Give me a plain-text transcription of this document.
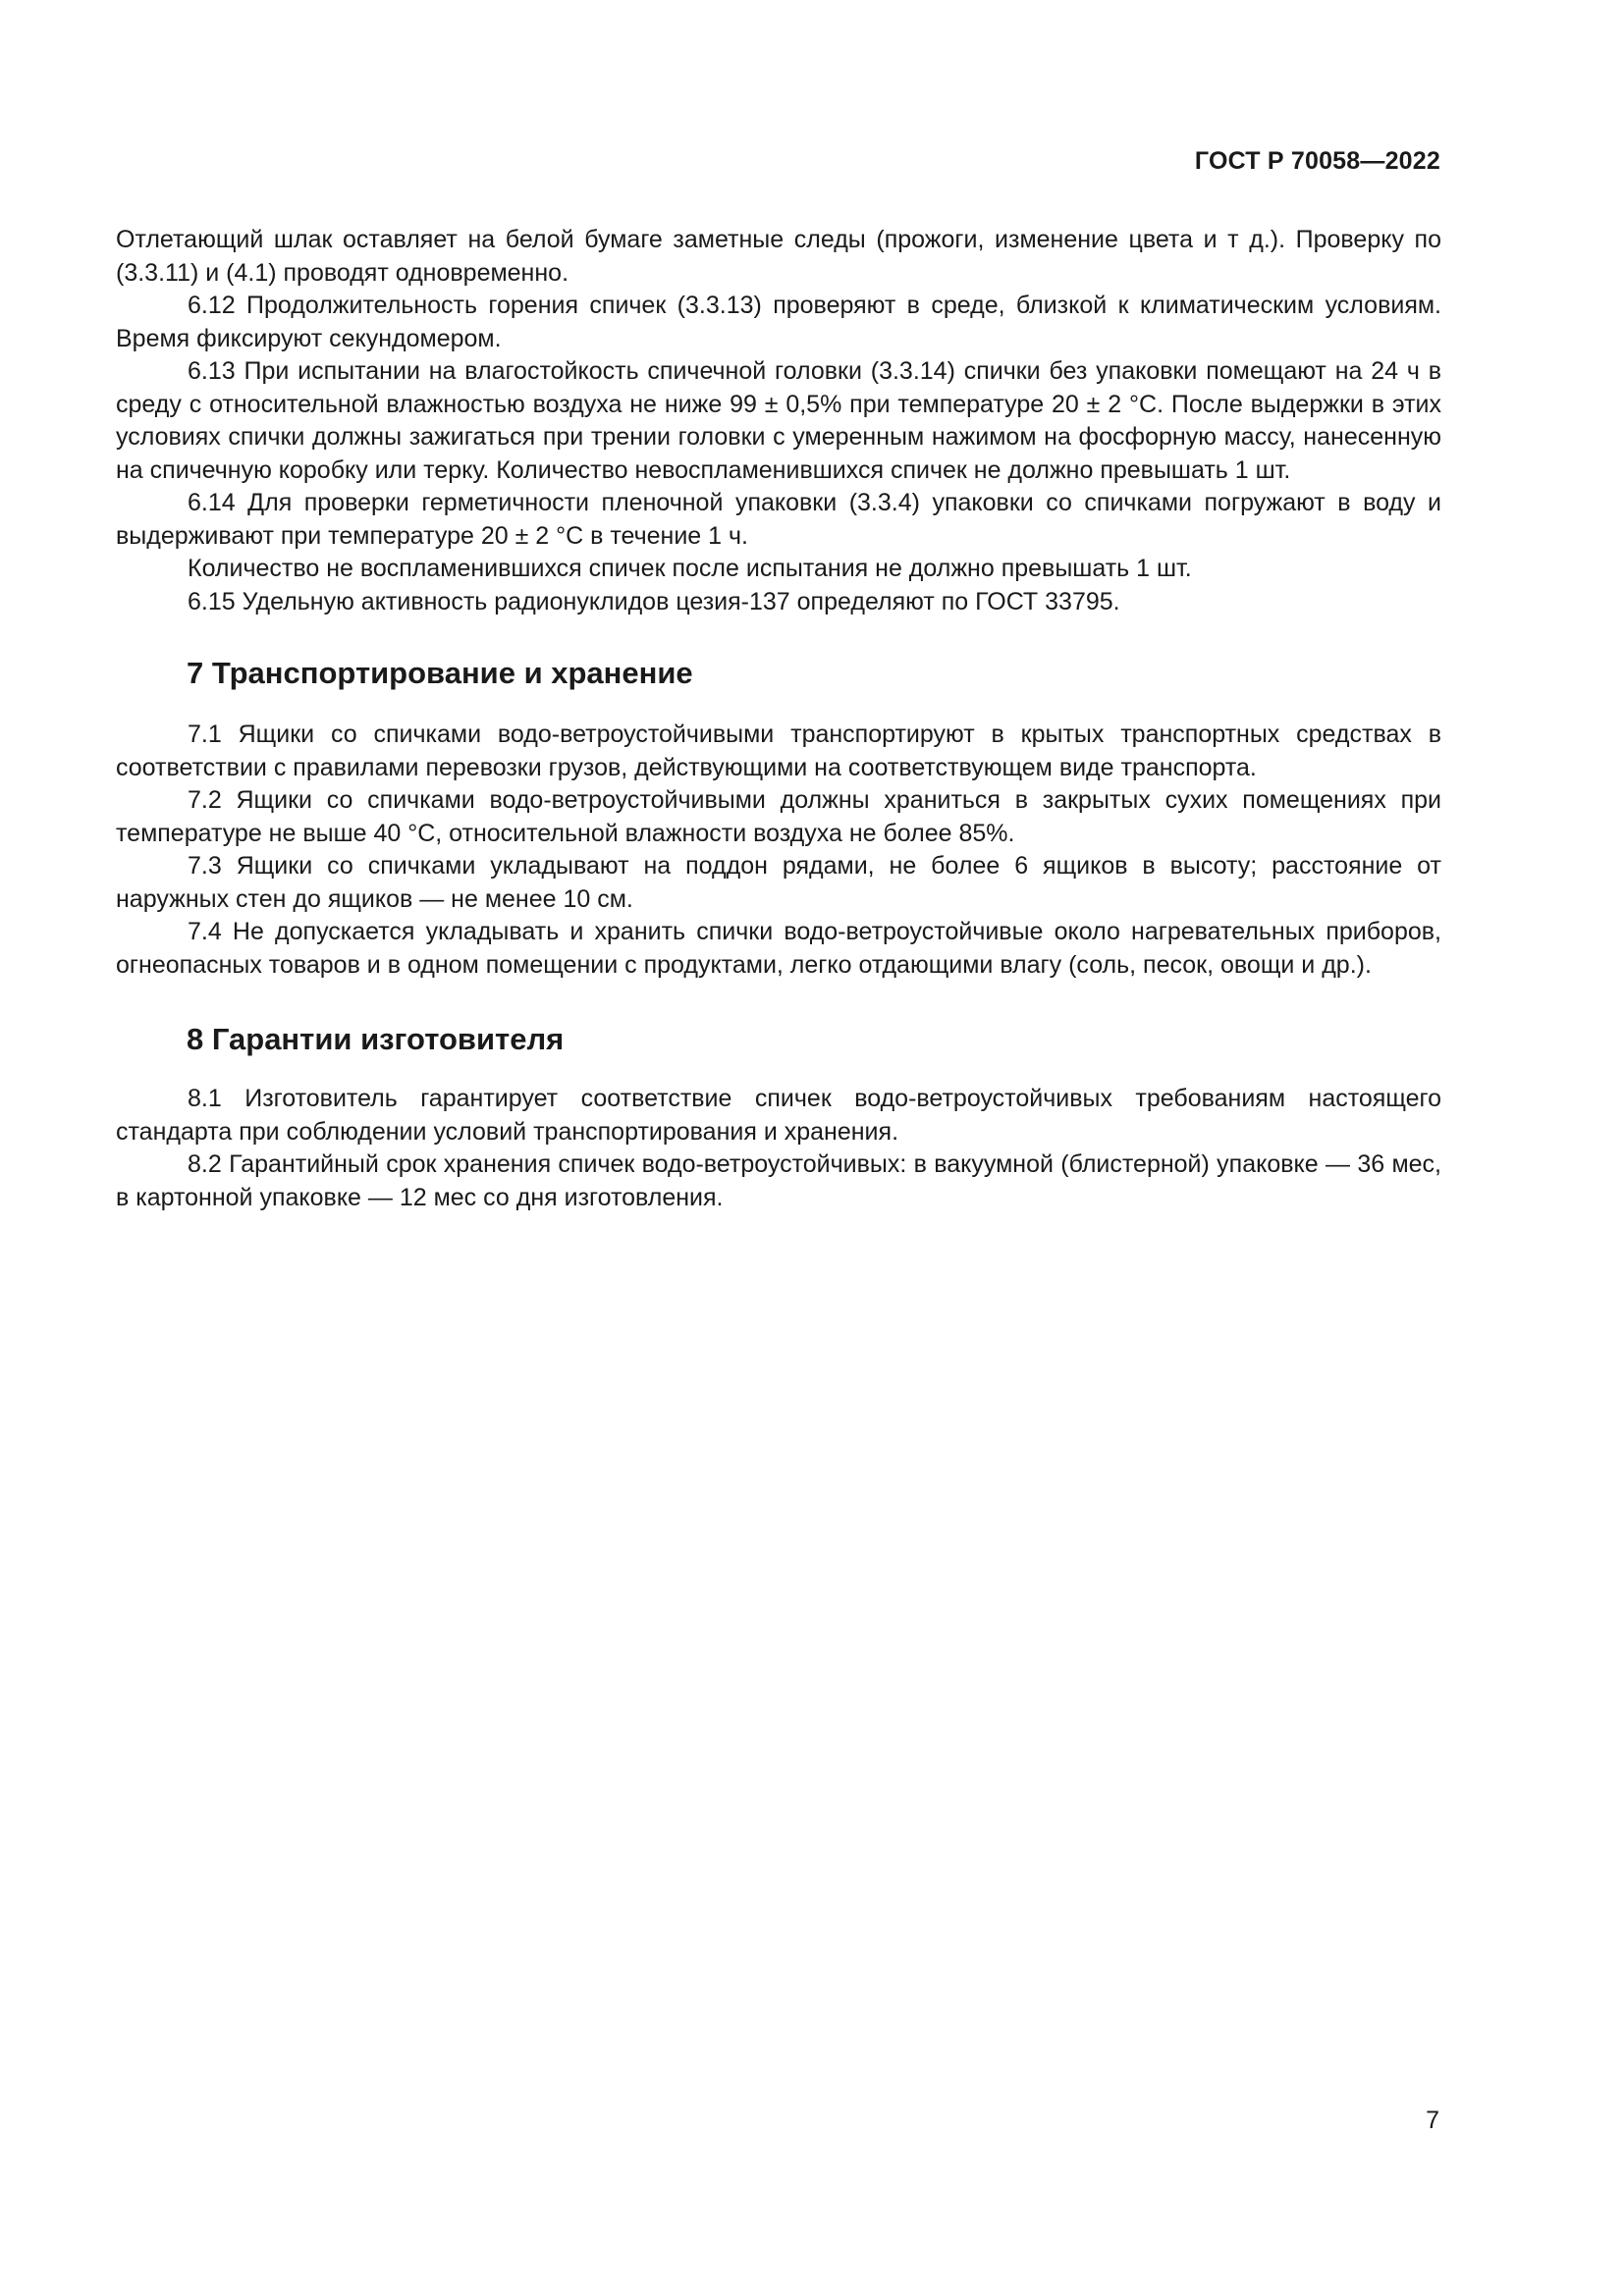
ГОСТ Р 70058—2022

Отлетающий шлак оставляет на белой бумаге заметные следы (прожоги, изменение цвета и т д.). Проверку по (3.3.11) и (4.1) проводят одновременно.

6.12 Продолжительность горения спичек (3.3.13) проверяют в среде, близкой к климатическим условиям. Время фиксируют секундомером.

6.13 При испытании на влагостойкость спичечной головки (3.3.14) спички без упаковки помещают на 24 ч в среду с относительной влажностью воздуха не ниже 99 ± 0,5% при температуре 20 ± 2 °С. После выдержки в этих условиях спички должны зажигаться при трении головки с умеренным нажимом на фосфорную массу, нанесенную на спичечную коробку или терку. Количество невоспламенившихся спичек не должно превышать 1 шт.

6.14 Для проверки герметичности пленочной упаковки (3.3.4) упаковки со спичками погружают в воду и выдерживают при температуре 20 ± 2 °С в течение 1 ч.

Количество не воспламенившихся спичек после испытания не должно превышать 1 шт.

6.15 Удельную активность радионуклидов цезия-137 определяют по ГОСТ 33795.

7 Транспортирование и хранение

7.1 Ящики со спичками водо-ветроустойчивыми транспортируют в крытых транспортных средствах в соответствии с правилами перевозки грузов, действующими на соответствующем виде транспорта.

7.2 Ящики со спичками водо-ветроустойчивыми должны храниться в закрытых сухих помещениях при температуре не выше 40 °С, относительной влажности воздуха не более 85%.

7.3 Ящики со спичками укладывают на поддон рядами, не более 6 ящиков в высоту; расстояние от наружных стен до ящиков — не менее 10 см.

7.4 Не допускается укладывать и хранить спички водо-ветроустойчивые около нагревательных приборов, огнеопасных товаров и в одном помещении с продуктами, легко отдающими влагу (соль, песок, овощи и др.).

8 Гарантии изготовителя

8.1 Изготовитель гарантирует соответствие спичек водо-ветроустойчивых требованиям настоящего стандарта при соблюдении условий транспортирования и хранения.

8.2 Гарантийный срок хранения спичек водо-ветроустойчивых: в вакуумной (блистерной) упаковке — 36 мес, в картонной упаковке — 12 мес со дня изготовления.

7
